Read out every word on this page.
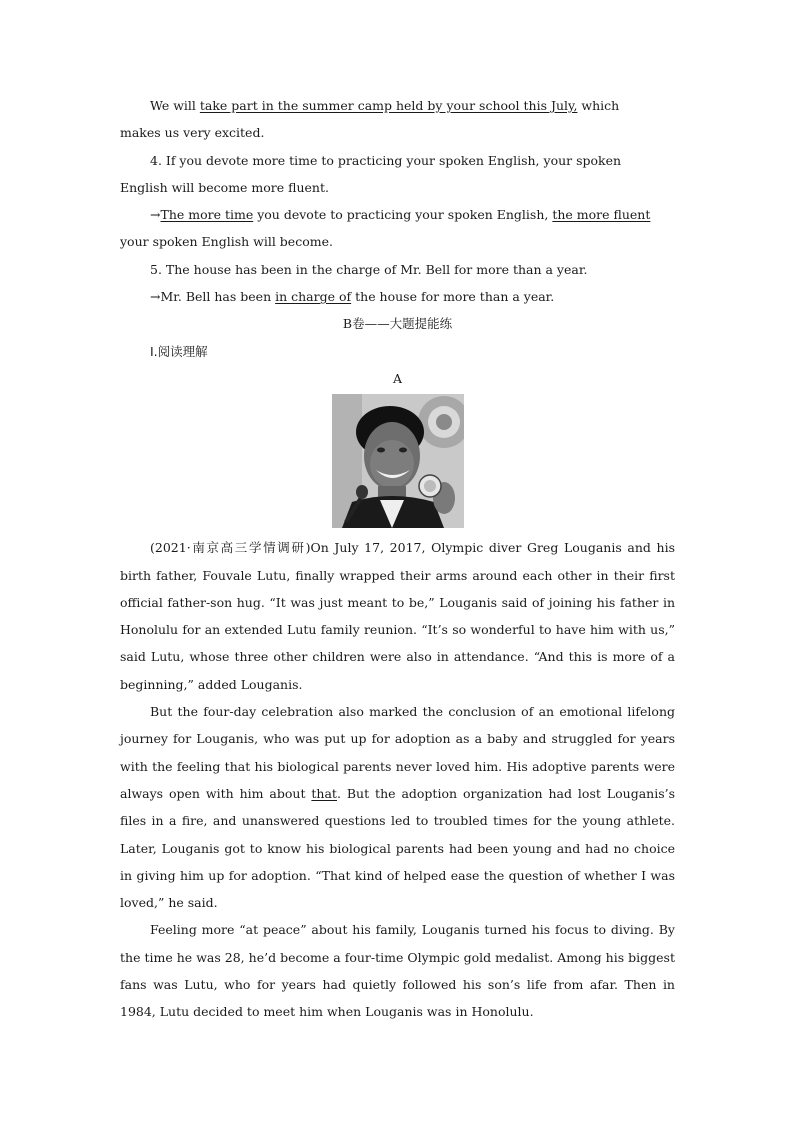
We will take part in the summer camp held by your school this July, which

makes us very excited.

4. If you devote more time to practicing your spoken English, your spoken

English will become more fluent.

→The more time you devote to practicing your spoken English, the more fluent

your spoken English will become.

5. The house has been in the charge of Mr. Bell for more than a year.

→Mr. Bell has been in charge of the house for more than a year.

B卷——大题提能练

Ⅰ.阅读理解

A

(2021·南京高三学情调研)On July 17, 2017, Olympic diver Greg Louganis and his birth father, Fouvale Lutu, finally wrapped their arms around each other in their first official father-son hug. “It was just meant to be,” Louganis said of joining his father in Honolulu for an extended Lutu family reunion. “It’s so wonderful to have him with us,” said Lutu, whose three other children were also in attendance. “And this is more of a beginning,” added Louganis.

But the four-day celebration also marked the conclusion of an emotional lifelong journey for Louganis, who was put up for adoption as a baby and struggled for years with the feeling that his biological parents never loved him. His adoptive parents were always open with him about that. But the adoption organization had lost Louganis’s files in a fire, and unanswered questions led to troubled times for the young athlete. Later, Louganis got to know his biological parents had been young and had no choice in giving him up for adoption. “That kind of helped ease the question of whether I was loved,” he said.

Feeling more “at peace” about his family, Louganis turned his focus to diving. By the time he was 28, he’d become a four-time Olympic gold medalist. Among his biggest fans was Lutu, who for years had quietly followed his son’s life from afar. Then in 1984, Lutu decided to meet him when Louganis was in Honolulu.
